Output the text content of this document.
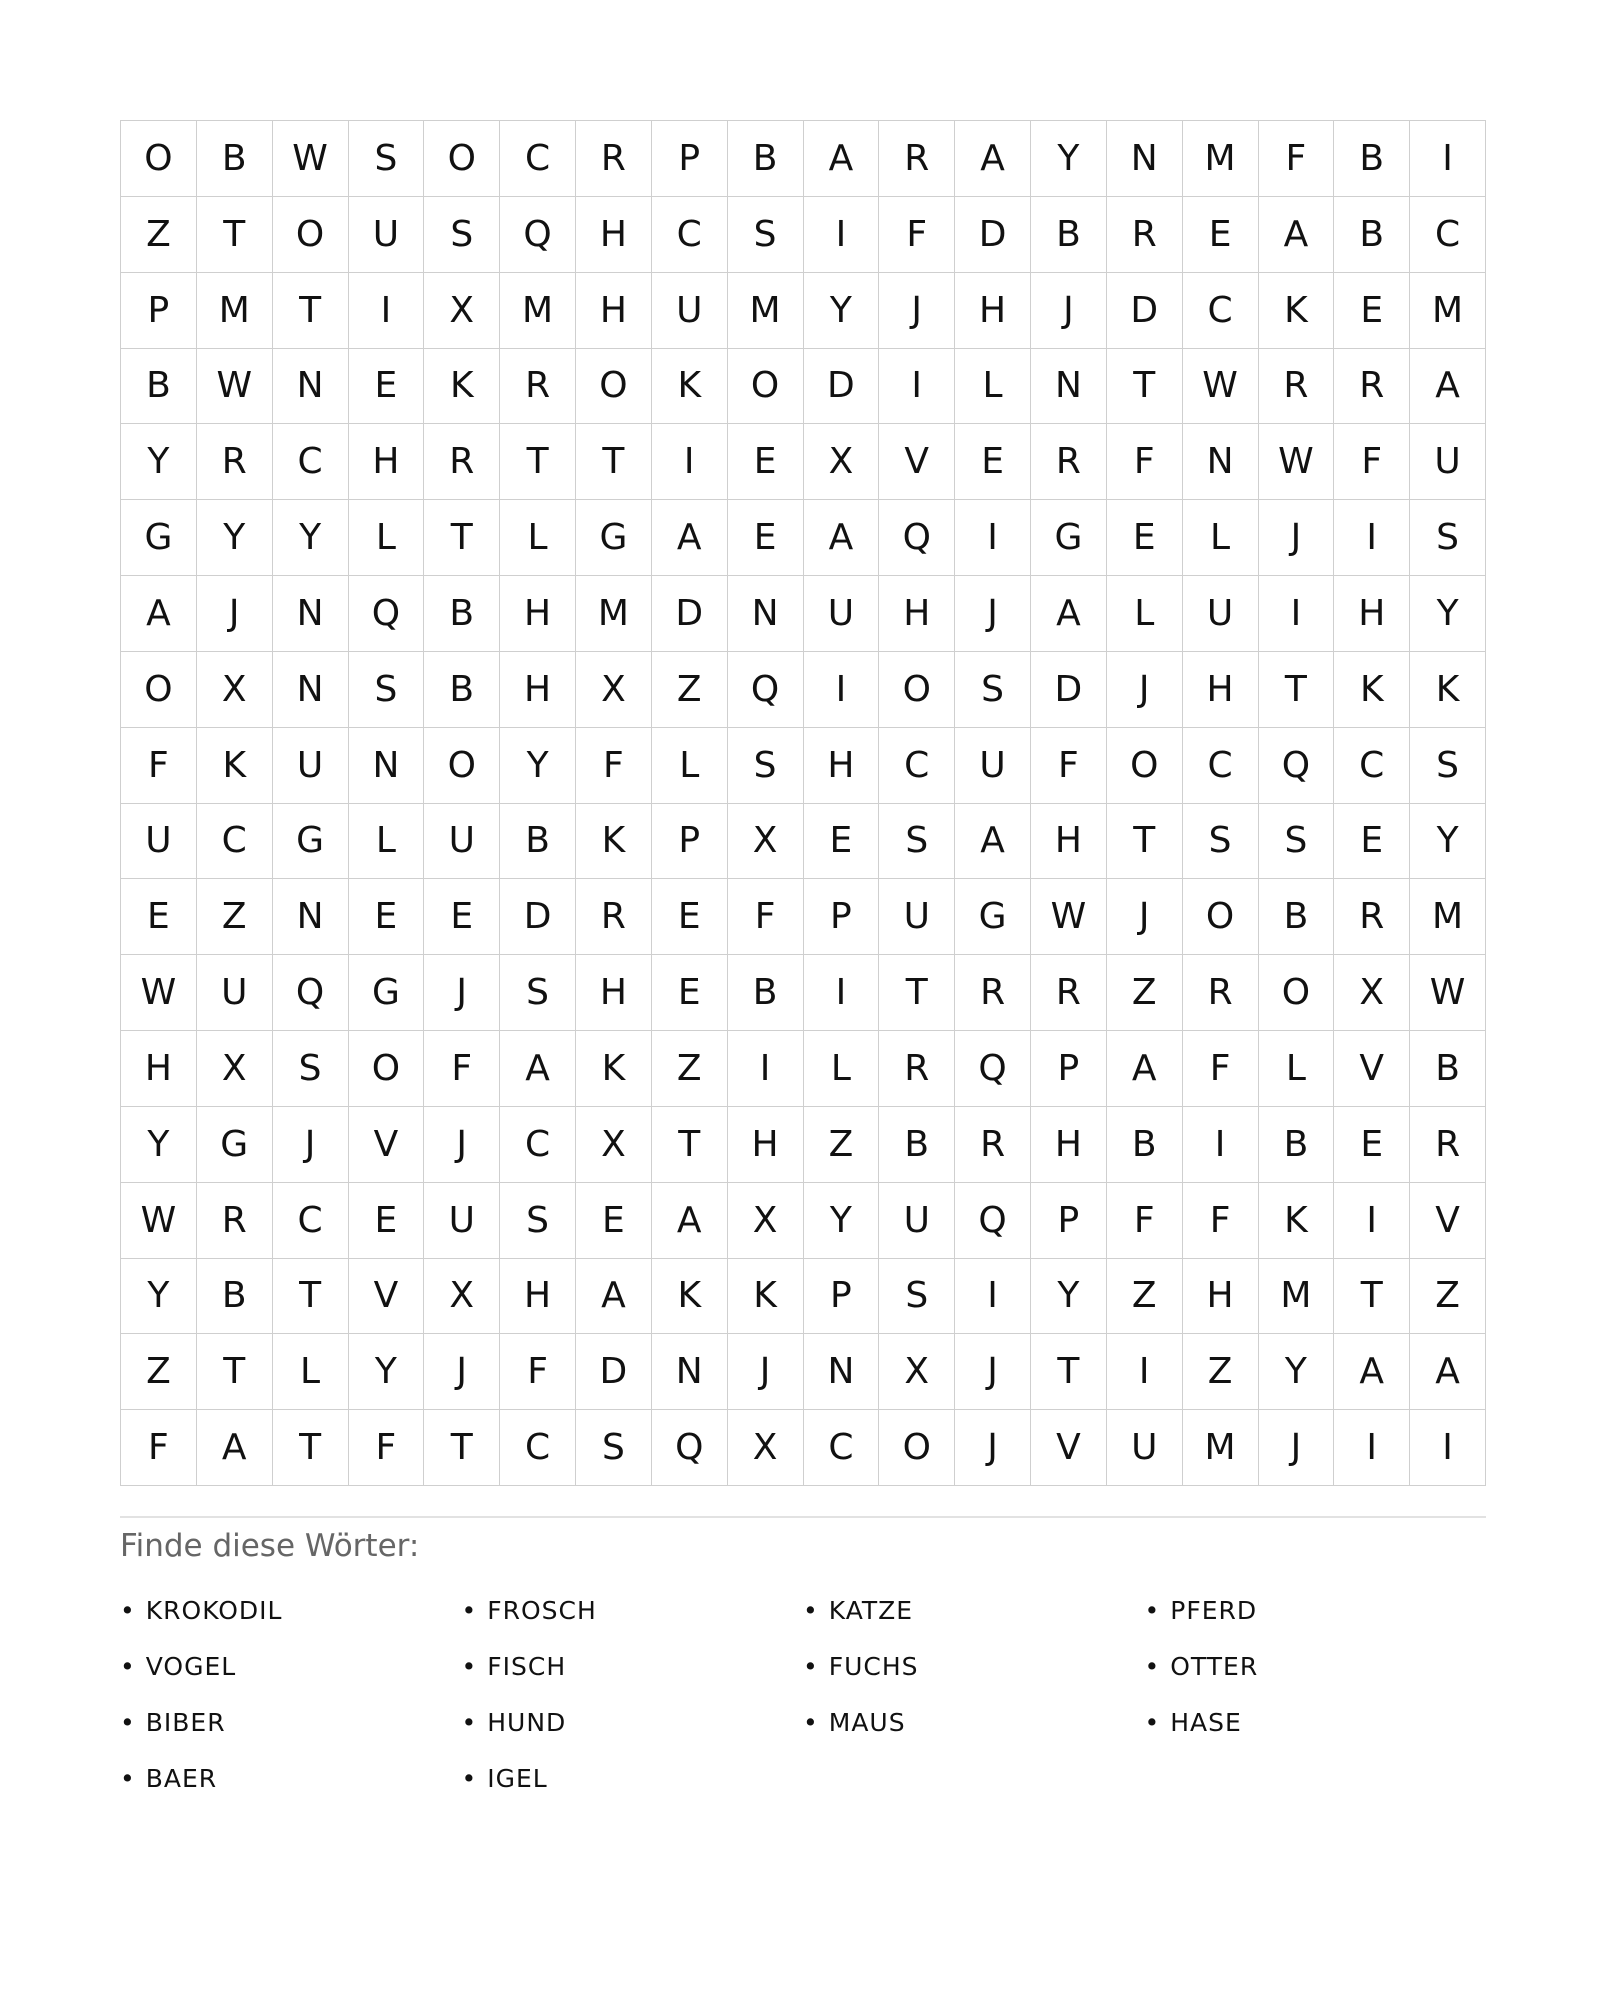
O	B	W	S	O	C	R	P	B	A	R	A	Y	N	M	F	B	I
Z	T	O	U	S	Q	H	C	S	I	F	D	B	R	E	A	B	C
P	M	T	I	X	M	H	U	M	Y	J	H	J	D	C	K	E	M
B	W	N	E	K	R	O	K	O	D	I	L	N	T	W	R	R	A
Y	R	C	H	R	T	T	I	E	X	V	E	R	F	N	W	F	U
G	Y	Y	L	T	L	G	A	E	A	Q	I	G	E	L	J	I	S
A	J	N	Q	B	H	M	D	N	U	H	J	A	L	U	I	H	Y
O	X	N	S	B	H	X	Z	Q	I	O	S	D	J	H	T	K	K
F	K	U	N	O	Y	F	L	S	H	C	U	F	O	C	Q	C	S
U	C	G	L	U	B	K	P	X	E	S	A	H	T	S	S	E	Y
E	Z	N	E	E	D	R	E	F	P	U	G	W	J	O	B	R	M
W	U	Q	G	J	S	H	E	B	I	T	R	R	Z	R	O	X	W
H	X	S	O	F	A	K	Z	I	L	R	Q	P	A	F	L	V	B
Y	G	J	V	J	C	X	T	H	Z	B	R	H	B	I	B	E	R
W	R	C	E	U	S	E	A	X	Y	U	Q	P	F	F	K	I	V
Y	B	T	V	X	H	A	K	K	P	S	I	Y	Z	H	M	T	Z
Z	T	L	Y	J	F	D	N	J	N	X	J	T	I	Z	Y	A	A
F	A	T	F	T	C	S	Q	X	C	O	J	V	U	M	J	I	I
Finde diese Wörter:
• KROKODIL	• FROSCH	• KATZE	• PFERD
• VOGEL	• FISCH	• FUCHS	• OTTER
• BIBER	• HUND	• MAUS	• HASE
• BAER	• IGEL
